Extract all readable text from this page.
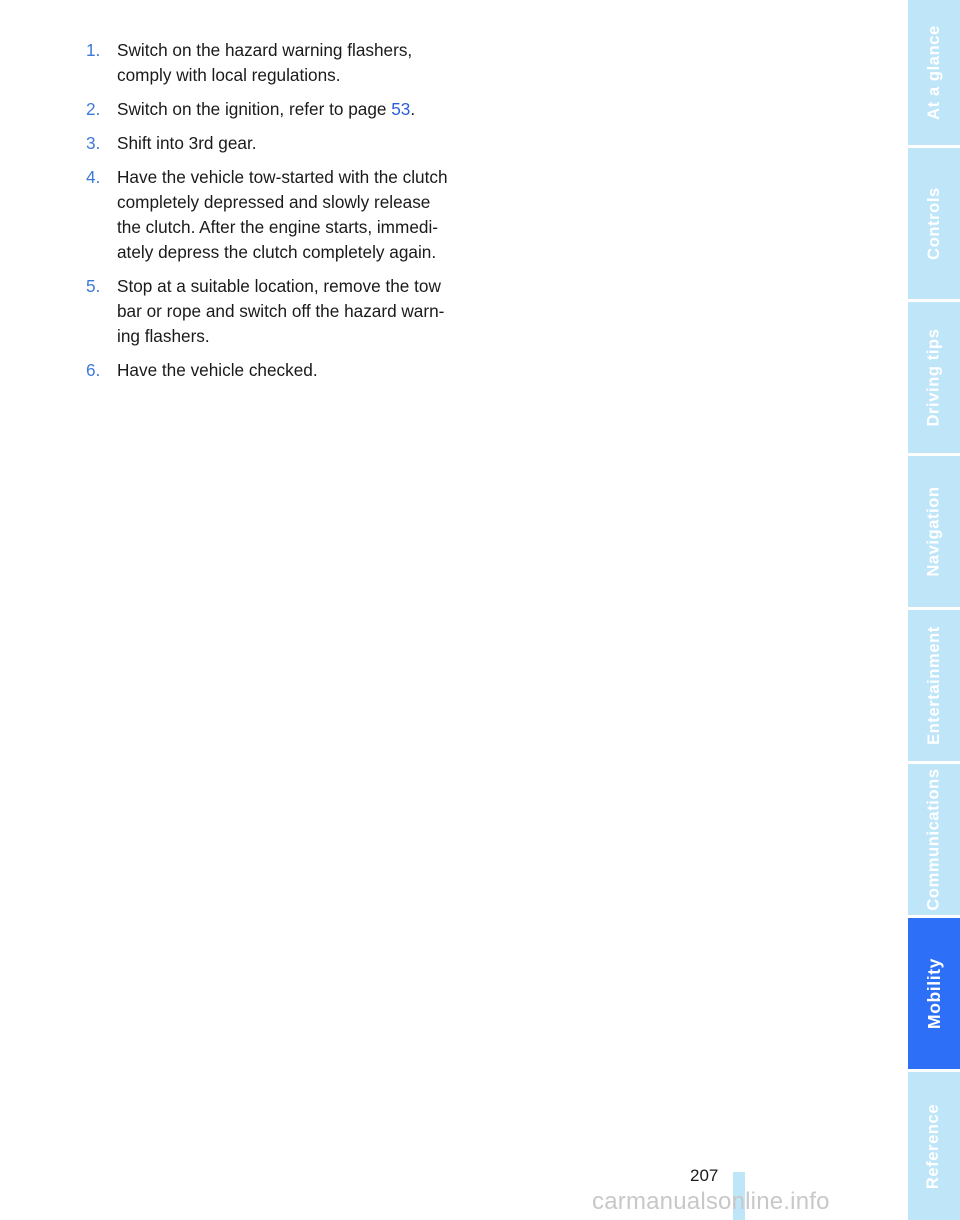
1. Switch on the hazard warning flashers,
comply with local regulations.
2. Switch on the ignition, refer to page 53.
3. Shift into 3rd gear.
4. Have the vehicle tow-started with the clutch
completely depressed and slowly release
the clutch. After the engine starts, immedi-
ately depress the clutch completely again.
5. Stop at a suitable location, remove the tow
bar or rope and switch off the hazard warn-
ing flashers.
6. Have the vehicle checked.
At a glance
Controls
Driving tips
Navigation
Entertainment
Communications
Mobility
Reference
207
carmanualsonline.info
